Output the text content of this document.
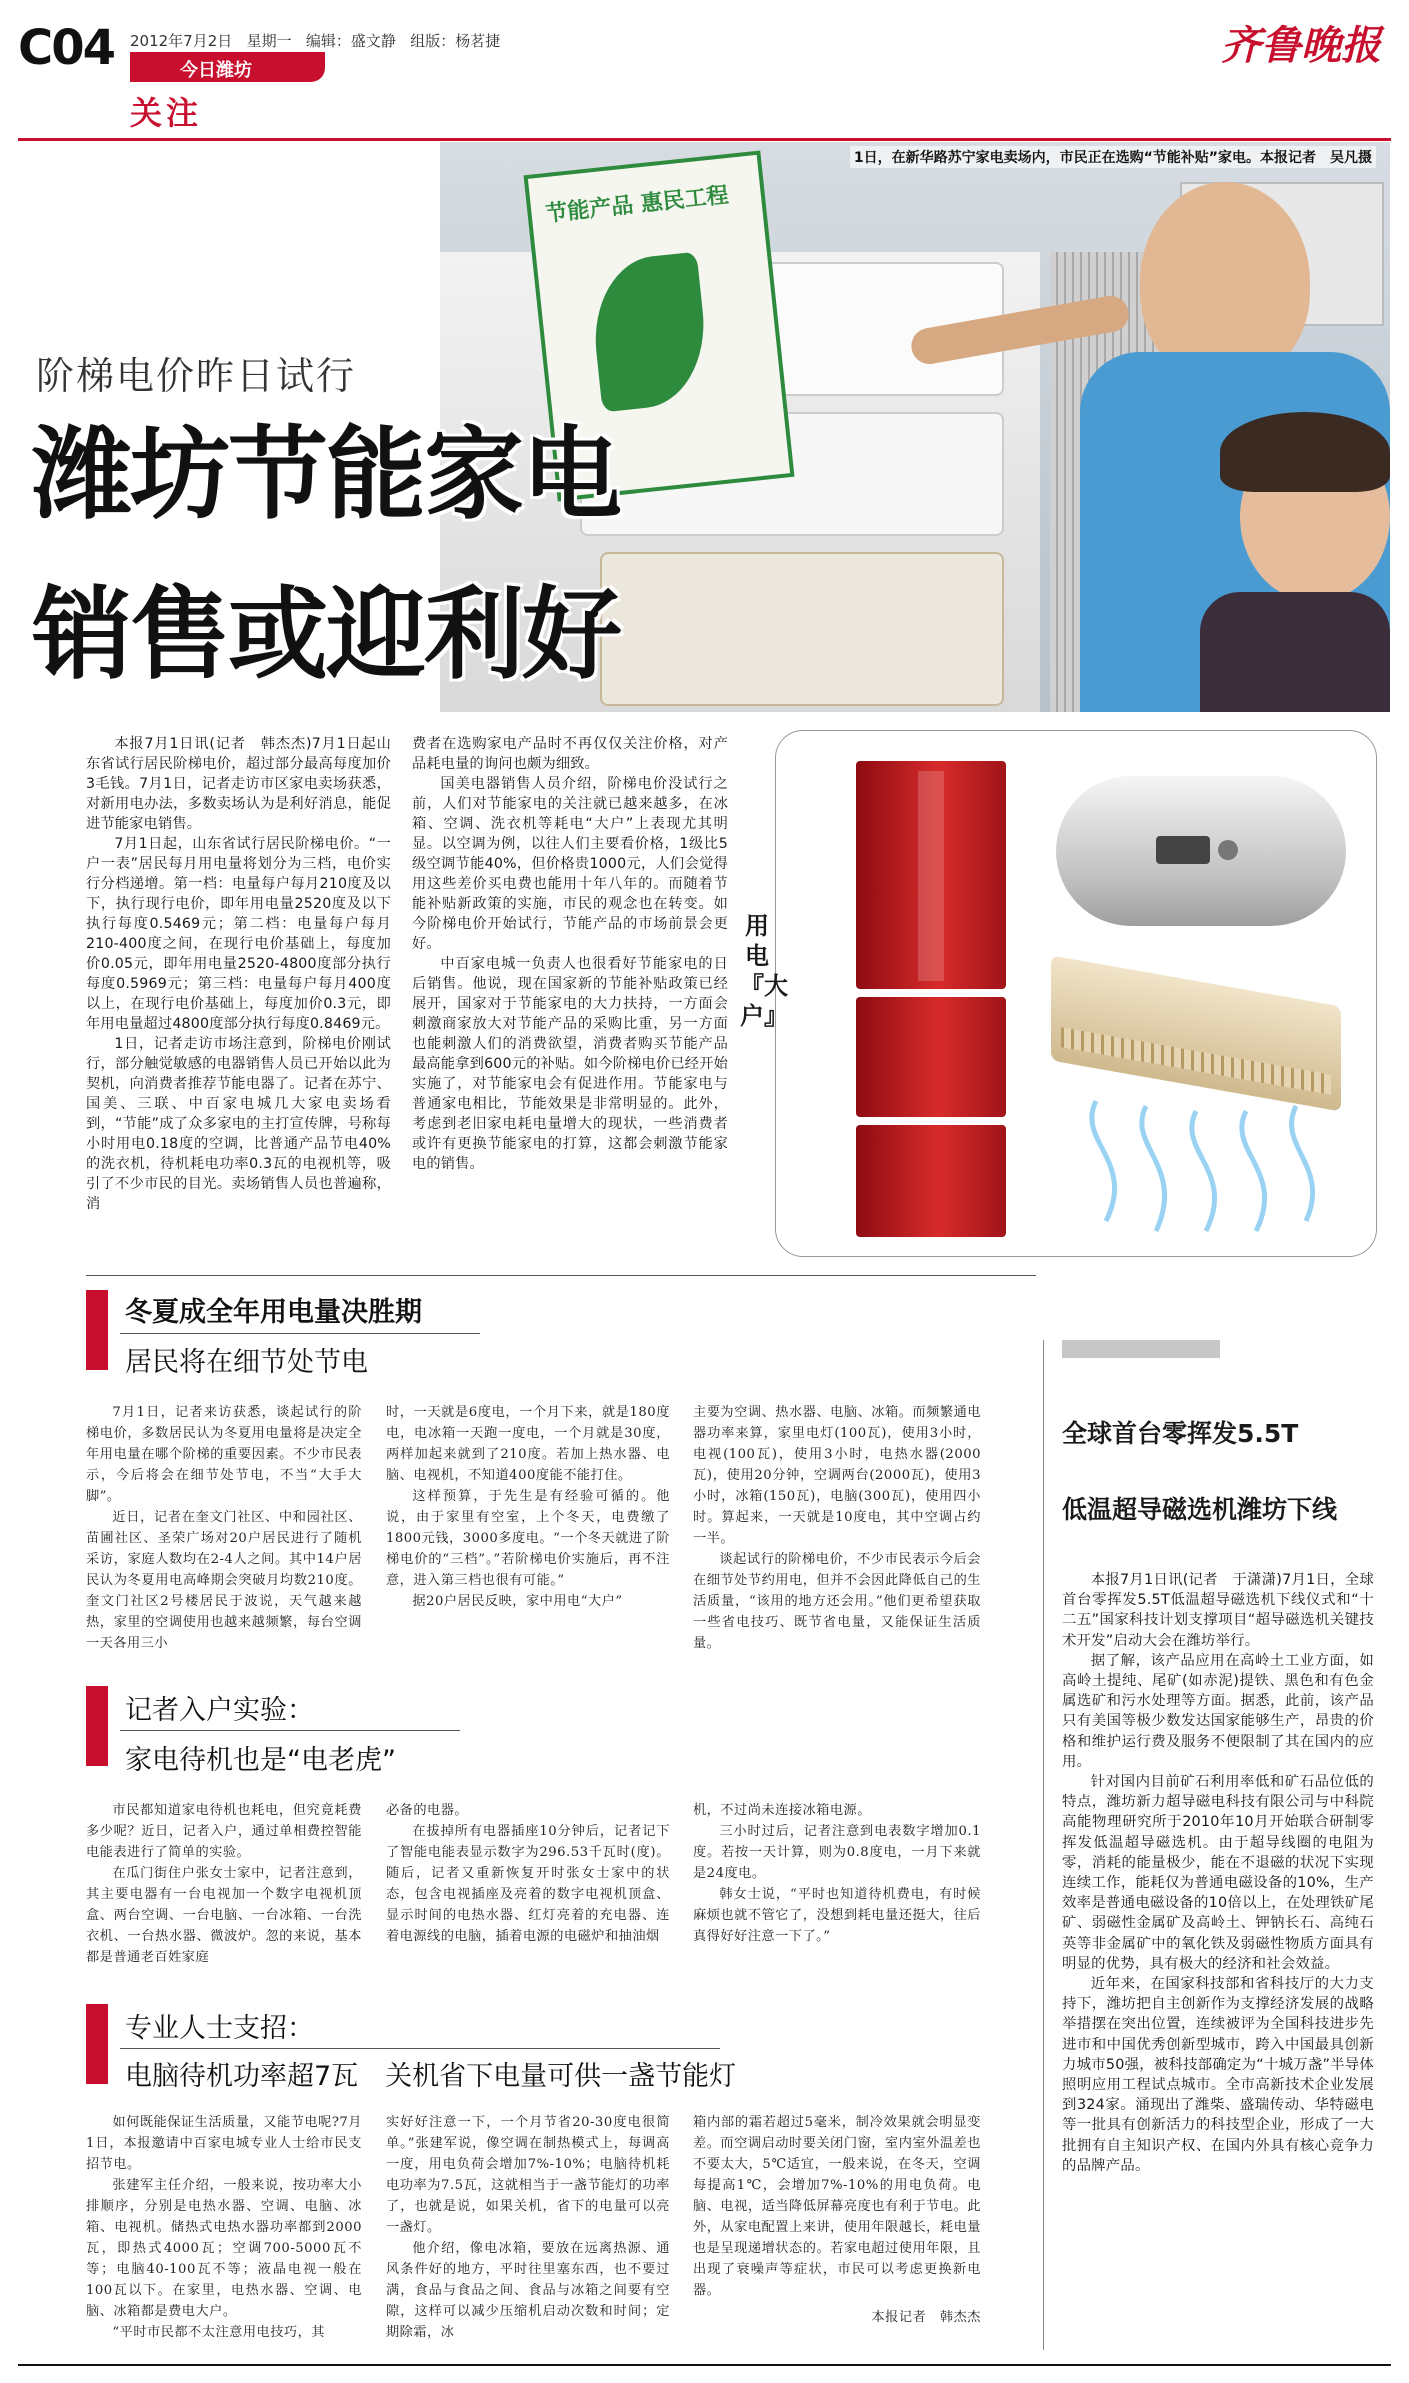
C04 2012年7月2日 星期一 编辑：盛文静 组版：杨茗捷
今日潍坊
关注
齐鲁晚报
节能产品 惠民工程
1日，在新华路苏宁家电卖场内，市民正在选购“节能补贴”家电。本报记者　吴凡摄
阶梯电价昨日试行
潍坊节能家电
销售或迎利好

本报7月1日讯(记者　韩杰杰)7月1日起山东省试行居民阶梯电价，超过部分最高每度加价3毛钱。7月1日，记者走访市区家电卖场获悉，对新用电办法，多数卖场认为是利好消息，能促进节能家电销售。

7月1日起，山东省试行居民阶梯电价。“一户一表”居民每月用电量将划分为三档，电价实行分档递增。第一档：电量每户每月210度及以下，执行现行电价，即年用电量2520度及以下执行每度0.5469元；第二档：电量每户每月210-400度之间，在现行电价基础上，每度加价0.05元，即年用电量2520-4800度部分执行每度0.5969元；第三档：电量每户每月400度以上，在现行电价基础上，每度加价0.3元，即年用电量超过4800度部分执行每度0.8469元。

1日，记者走访市场注意到，阶梯电价刚试行，部分触觉敏感的电器销售人员已开始以此为契机，向消费者推荐节能电器了。记者在苏宁、国美、三联、中百家电城几大家电卖场看到，“节能”成了众多家电的主打宣传牌，号称每小时用电0.18度的空调，比普通产品节电40%的洗衣机，待机耗电功率0.3瓦的电视机等，吸引了不少市民的目光。卖场销售人员也普遍称，消

费者在选购家电产品时不再仅仅关注价格，对产品耗电量的询问也颇为细致。

国美电器销售人员介绍，阶梯电价没试行之前，人们对节能家电的关注就已越来越多，在冰箱、空调、洗衣机等耗电“大户”上表现尤其明显。以空调为例，以往人们主要看价格，1级比5级空调节能40%，但价格贵1000元，人们会觉得用这些差价买电费也能用十年八年的。而随着节能补贴新政策的实施，市民的观念也在转变。如今阶梯电价开始试行，节能产品的市场前景会更好。

中百家电城一负责人也很看好节能家电的日后销售。他说，现在国家新的节能补贴政策已经展开，国家对于节能家电的大力扶持，一方面会刺激商家放大对节能产品的采购比重，另一方面也能刺激人们的消费欲望，消费者购买节能产品最高能拿到600元的补贴。如今阶梯电价已经开始实施了，对节能家电会有促进作用。节能家电与普通家电相比，节能效果是非常明显的。此外，考虑到老旧家电耗电量增大的现状，一些消费者或许有更换节能家电的打算，这都会刺激节能家电的销售。

用电『大户』
冬夏成全年用电量决胜期
居民将在细节处节电

7月1日，记者来访获悉，谈起试行的阶梯电价，多数居民认为冬夏用电量将是决定全年用电量在哪个阶梯的重要因素。不少市民表示，今后将会在细节处节电，不当“大手大脚”。

近日，记者在奎文门社区、中和园社区、苗圃社区、圣荣广场对20户居民进行了随机采访，家庭人数均在2-4人之间。其中14户居民认为冬夏用电高峰期会突破月均数210度。奎文门社区2号楼居民于波说，天气越来越热，家里的空调使用也越来越频繁，每台空调一天各用三小

时，一天就是6度电，一个月下来，就是180度电，电冰箱一天跑一度电，一个月就是30度，两样加起来就到了210度。若加上热水器、电脑、电视机，不知道400度能不能打住。

这样预算，于先生是有经验可循的。他说，由于家里有空室，上个冬天，电费缴了1800元钱，3000多度电。“一个冬天就进了阶梯电价的“三档”。”若阶梯电价实施后，再不注意，进入第三档也很有可能。”

据20户居民反映，家中用电“大户”

主要为空调、热水器、电脑、冰箱。而频繁通电器功率来算，家里电灯(100瓦)，使用3小时，电视(100瓦)，使用3小时，电热水器(2000瓦)，使用20分钟，空调两台(2000瓦)，使用3小时，冰箱(150瓦)，电脑(300瓦)，使用四小时。算起来，一天就是10度电，其中空调占约一半。

谈起试行的阶梯电价，不少市民表示今后会在细节处节约用电，但并不会因此降低自己的生活质量，“该用的地方还会用。”他们更希望获取一些省电技巧、既节省电量，又能保证生活质量。

记者入户实验：
家电待机也是“电老虎”

市民都知道家电待机也耗电，但究竟耗费多少呢？近日，记者入户，通过单相费控智能电能表进行了简单的实验。

在瓜门街住户张女士家中，记者注意到，其主要电器有一台电视加一个数字电视机顶盒、两台空调、一台电脑、一台冰箱、一台洗衣机、一台热水器、微波炉。忽的来说，基本都是普通老百姓家庭

必备的电器。

在拔掉所有电器插座10分钟后，记者记下了智能电能表显示数字为296.53千瓦时(度)。随后，记者又重新恢复开时张女士家中的状态，包含电视插座及亮着的数字电视机顶盒、显示时间的电热水器、红灯亮着的充电器、连着电源线的电脑，插着电源的电磁炉和抽油烟

机，不过尚未连接冰箱电源。

三小时过后，记者注意到电表数字增加0.1度。若按一天计算，则为0.8度电，一月下来就是24度电。

韩女士说，“平时也知道待机费电，有时候麻烦也就不管它了，没想到耗电量还挺大，往后真得好好注意一下了。”

专业人士支招：
电脑待机功率超7瓦　关机省下电量可供一盏节能灯

如何既能保证生活质量，又能节电呢?7月1日，本报邀请中百家电城专业人士给市民支招节电。

张建军主任介绍，一般来说，按功率大小排顺序，分别是电热水器、空调、电脑、冰箱、电视机。储热式电热水器功率都到2000瓦，即热式4000瓦；空调700-5000瓦不等；电脑40-100瓦不等；液晶电视一般在100瓦以下。在家里，电热水器、空调、电脑、冰箱都是费电大户。

“平时市民都不太注意用电技巧，其

实好好注意一下，一个月节省20-30度电很简单。”张建军说，像空调在制热模式上，每调高一度，用电负荷会增加7%-10%；电脑待机耗电功率为7.5瓦，这就相当于一盏节能灯的功率了，也就是说，如果关机，省下的电量可以亮一盏灯。

他介绍，像电冰箱，要放在远离热源、通风条件好的地方，平时往里塞东西，也不要过满，食品与食品之间、食品与冰箱之间要有空隙，这样可以减少压缩机启动次数和时间；定期除霜，冰

箱内部的霜若超过5毫米，制冷效果就会明显变差。而空调启动时要关闭门窗，室内室外温差也不要太大，5℃适宜，一般来说，在冬天，空调每提高1℃，会增加7%-10%的用电负荷。电脑、电视，适当降低屏幕亮度也有利于节电。此外，从家电配置上来讲，使用年限越长，耗电量也是呈现递增状态的。若家电超过使用年限，且出现了衰噪声等症状，市民可以考虑更换新电器。

本报记者　韩杰杰

全球首台零挥发5.5T
低温超导磁选机潍坊下线

本报7月1日讯(记者　于潇潇)7月1日，全球首台零挥发5.5T低温超导磁选机下线仪式和“十二五”国家科技计划支撑项目“超导磁选机关键技术开发”启动大会在潍坊举行。

据了解，该产品应用在高岭土工业方面，如高岭土提纯、尾矿(如赤泥)提铁、黑色和有色金属选矿和污水处理等方面。据悉，此前，该产品只有美国等极少数发达国家能够生产，昂贵的价格和维护运行费及服务不便限制了其在国内的应用。

针对国内目前矿石利用率低和矿石品位低的特点，潍坊新力超导磁电科技有限公司与中科院高能物理研究所于2010年10月开始联合研制零挥发低温超导磁选机。由于超导线圈的电阻为零，消耗的能量极少，能在不退磁的状况下实现连续工作，能耗仅为普通电磁设备的10%，生产效率是普通电磁设备的10倍以上，在处理铁矿尾矿、弱磁性金属矿及高岭土、钾钠长石、高纯石英等非金属矿中的氧化铁及弱磁性物质方面具有明显的优势，具有极大的经济和社会效益。

近年来，在国家科技部和省科技厅的大力支持下，潍坊把自主创新作为支撑经济发展的战略举措摆在突出位置，连续被评为全国科技进步先进市和中国优秀创新型城市，跨入中国最具创新力城市50强，被科技部确定为“十城万盏”半导体照明应用工程试点城市。全市高新技术企业发展到324家。涌现出了潍柴、盛瑞传动、华特磁电等一批具有创新活力的科技型企业，形成了一大批拥有自主知识产权、在国内外具有核心竞争力的品牌产品。
